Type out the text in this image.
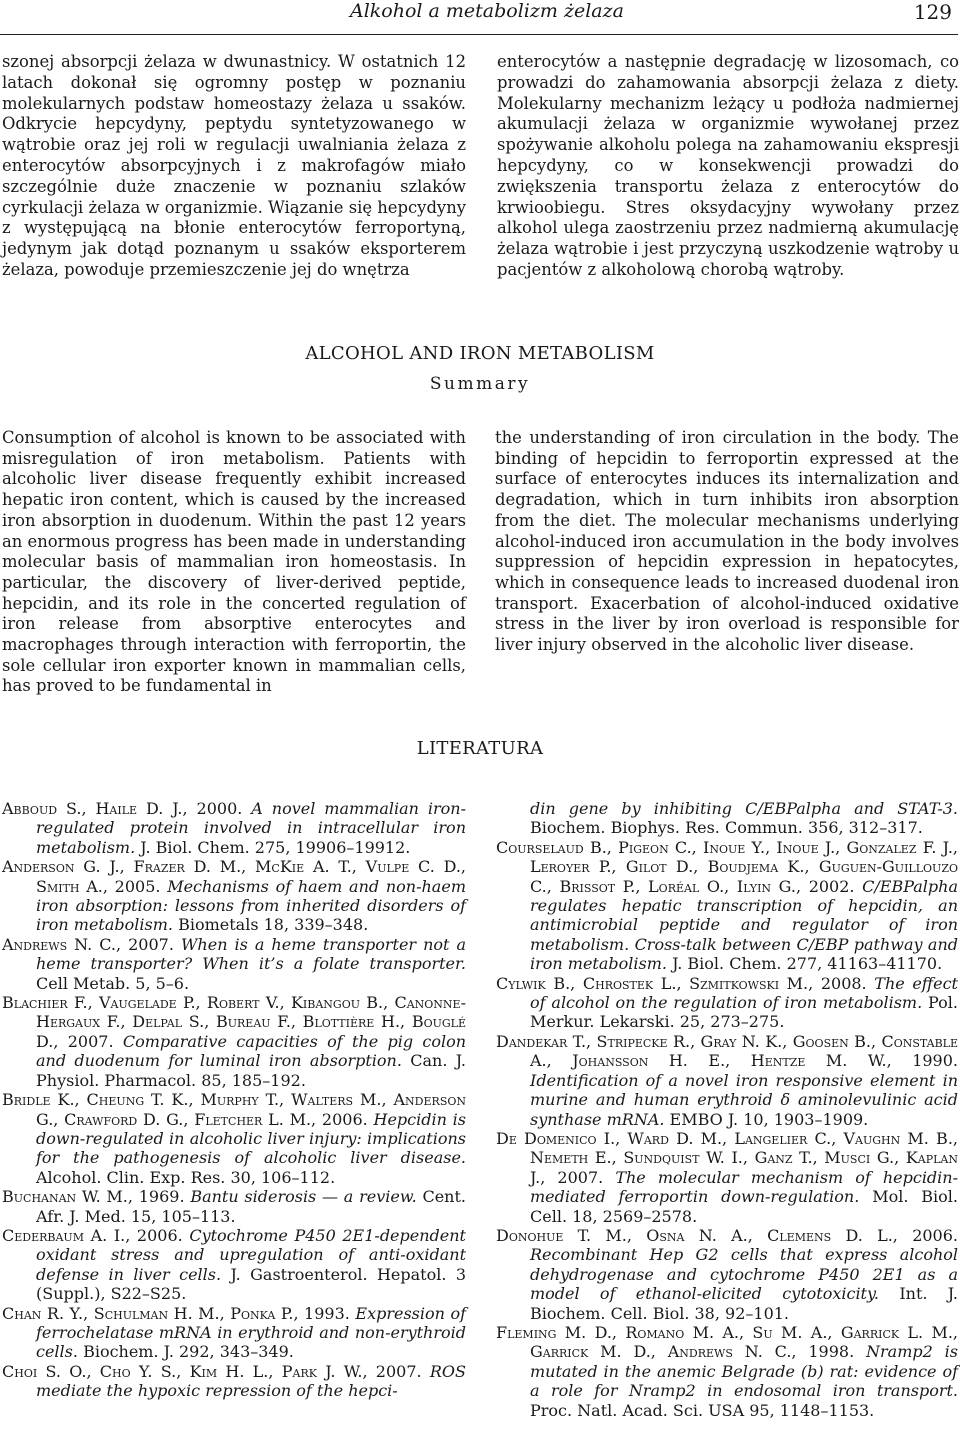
Alkohol a metabolizm żelaza	129
szonej absorpcji żelaza w dwunastnicy. W ostatnich 12 latach dokonał się ogromny postęp w poznaniu molekularnych podstaw homeostazy żelaza u ssaków. Odkrycie hepcydyny, peptydu syntetyzowanego w wątrobie oraz jej roli w regulacji uwalniania żelaza z enterocytów absorpcyjnych i z makrofagów miało szczególnie duże znaczenie w poznaniu szlaków cyrkulacji żelaza w organizmie. Wiązanie się hepcydyny z występującą na błonie enterocytów ferroportyną, jedynym jak dotąd poznanym u ssaków eksporterem żelaza, powoduje przemieszczenie jej do wnętrza
enterocytów a następnie degradację w lizosomach, co prowadzi do zahamowania absorpcji żelaza z diety. Molekularny mechanizm leżący u podłoża nadmiernej akumulacji żelaza w organizmie wywołanej przez spożywanie alkoholu polega na zahamowaniu ekspresji hepcydyny, co w konsekwencji prowadzi do zwiększenia transportu żelaza z enterocytów do krwioobiegu. Stres oksydacyjny wywołany przez alkohol ulega zaostrzeniu przez nadmierną akumulację żelaza wątrobie i jest przyczyną uszkodzenie wątroby u pacjentów z alkoholową chorobą wątroby.
ALCOHOL AND IRON METABOLISM
Summary
Consumption of alcohol is known to be associated with misregulation of iron metabolism. Patients with alcoholic liver disease frequently exhibit increased hepatic iron content, which is caused by the increased iron absorption in duodenum. Within the past 12 years an enormous progress has been made in understanding molecular basis of mammalian iron homeostasis. In particular, the discovery of liver-derived peptide, hepcidin, and its role in the concerted regulation of iron release from absorptive enterocytes and macrophages through interaction with ferroportin, the sole cellular iron exporter known in mammalian cells, has proved to be fundamental in
the understanding of iron circulation in the body. The binding of hepcidin to ferroportin expressed at the surface of enterocytes induces its internalization and degradation, which in turn inhibits iron absorption from the diet. The molecular mechanisms underlying alcohol-induced iron accumulation in the body involves suppression of hepcidin expression in hepatocytes, which in consequence leads to increased duodenal iron transport. Exacerbation of alcohol-induced oxidative stress in the liver by iron overload is responsible for liver injury observed in the alcoholic liver disease.
LITERATURA
Abboud S., Haile D. J., 2000. A novel mammalian iron-regulated protein involved in intracellular iron metabolism. J. Biol. Chem. 275, 19906–19912.
Anderson G. J., Frazer D. M., McKie A. T., Vulpe C. D., Smith A., 2005. Mechanisms of haem and non-haem iron absorption: lessons from inherited disorders of iron metabolism. Biometals 18, 339–348.
Andrews N. C., 2007. When is a heme transporter not a heme transporter? When it’s a folate transporter. Cell Metab. 5, 5–6.
Blachier F., Vaugelade P., Robert V., Kibangou B., Canonne-Hergaux F., Delpal S., Bureau F., Blottière H., Bouglé D., 2007. Comparative capacities of the pig colon and duodenum for luminal iron absorption. Can. J. Physiol. Pharmacol. 85, 185–192.
Bridle K., Cheung T. K., Murphy T., Walters M., Anderson G., Crawford D. G., Fletcher L. M., 2006. Hepcidin is down-regulated in alcoholic liver injury: implications for the pathogenesis of alcoholic liver disease. Alcohol. Clin. Exp. Res. 30, 106–112.
Buchanan W. M., 1969. Bantu siderosis — a review. Cent. Afr. J. Med. 15, 105–113.
Cederbaum A. I., 2006. Cytochrome P450 2E1-dependent oxidant stress and upregulation of anti-oxidant defense in liver cells. J. Gastroenterol. Hepatol. 3 (Suppl.), S22–S25.
Chan R. Y., Schulman H. M., Ponka P., 1993. Expression of ferrochelatase mRNA in erythroid and non-erythroid cells. Biochem. J. 292, 343–349.
Choi S. O., Cho Y. S., Kim H. L., Park J. W., 2007. ROS mediate the hypoxic repression of the hepci-
din gene by inhibiting C/EBPalpha and STAT-3. Biochem. Biophys. Res. Commun. 356, 312–317.
Courselaud B., Pigeon C., Inoue Y., Inoue J., Gonzalez F. J., Leroyer P., Gilot D., Boudjema K., Guguen-Guillouzo C., Brissot P., Loréal O., Ilyin G., 2002. C/EBPalpha regulates hepatic transcription of hepcidin, an antimicrobial peptide and regulator of iron metabolism. Cross-talk between C/EBP pathway and iron metabolism. J. Biol. Chem. 277, 41163–41170.
Cylwik B., Chrostek L., Szmitkowski M., 2008. The effect of alcohol on the regulation of iron metabolism. Pol. Merkur. Lekarski. 25, 273–275.
Dandekar T., Stripecke R., Gray N. K., Goosen B., Constable A., Johansson H. E., Hentze M. W., 1990. Identification of a novel iron responsive element in murine and human erythroid δ aminolevulinic acid synthase mRNA. EMBO J. 10, 1903–1909.
De Domenico I., Ward D. M., Langelier C., Vaughn M. B., Nemeth E., Sundquist W. I., Ganz T., Musci G., Kaplan J., 2007. The molecular mechanism of hepcidin-mediated ferroportin down-regulation. Mol. Biol. Cell. 18, 2569–2578.
Donohue T. M., Osna N. A., Clemens D. L., 2006. Recombinant Hep G2 cells that express alcohol dehydrogenase and cytochrome P450 2E1 as a model of ethanol-elicited cytotoxicity. Int. J. Biochem. Cell. Biol. 38, 92–101.
Fleming M. D., Romano M. A., Su M. A., Garrick L. M., Garrick M. D., Andrews N. C., 1998. Nramp2 is mutated in the anemic Belgrade (b) rat: evidence of a role for Nramp2 in endosomal iron transport. Proc. Natl. Acad. Sci. USA 95, 1148–1153.
